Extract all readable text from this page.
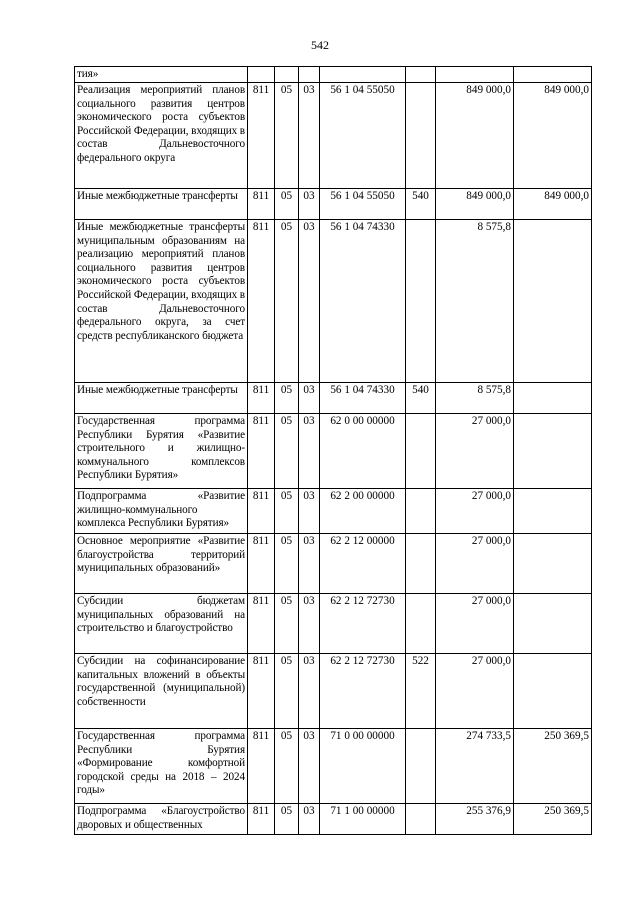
542
тия»							
Реализация мероприятий планов социального развития центров экономического роста субъектов Российской Федерации, входящих в состав Дальневосточного федерального округа	811	05	03	56 1 04 55050		849 000,0	849 000,0
Иные межбюджетные трансферты	811	05	03	56 1 04 55050	540	849 000,0	849 000,0
Иные межбюджетные трансферты муниципальным образованиям на реализацию мероприятий планов социального развития центров экономического роста субъектов Российской Федерации, входящих в состав Дальневосточного федерального округа, за счет средств республиканского бюджета	811	05	03	56 1 04 74330		8 575,8	
Иные межбюджетные трансферты	811	05	03	56 1 04 74330	540	8 575,8	
Государственная программа Республики Бурятия «Развитие строительного и жилищно-коммунального комплексов Республики Бурятия»	811	05	03	62 0 00 00000		27 000,0	
Подпрограмма «Развитие жилищно-коммунального комплекса Республики Бурятия»	811	05	03	62 2 00 00000		27 000,0	
Основное мероприятие «Развитие благоустройства территорий муниципальных образований»	811	05	03	62 2 12 00000		27 000,0	
Субсидии бюджетам муниципальных образований на строительство и благоустройство	811	05	03	62 2 12 72730		27 000,0	
Субсидии на софинансирование капитальных вложений в объекты государственной (муниципальной) собственности	811	05	03	62 2 12 72730	522	27 000,0	
Государственная программа Республики Бурятия «Формирование комфортной городской среды на 2018 – 2024 годы»	811	05	03	71 0 00 00000		274 733,5	250 369,5
Подпрограмма «Благоустройство дворовых и общественных	811	05	03	71 1 00 00000		255 376,9	250 369,5
